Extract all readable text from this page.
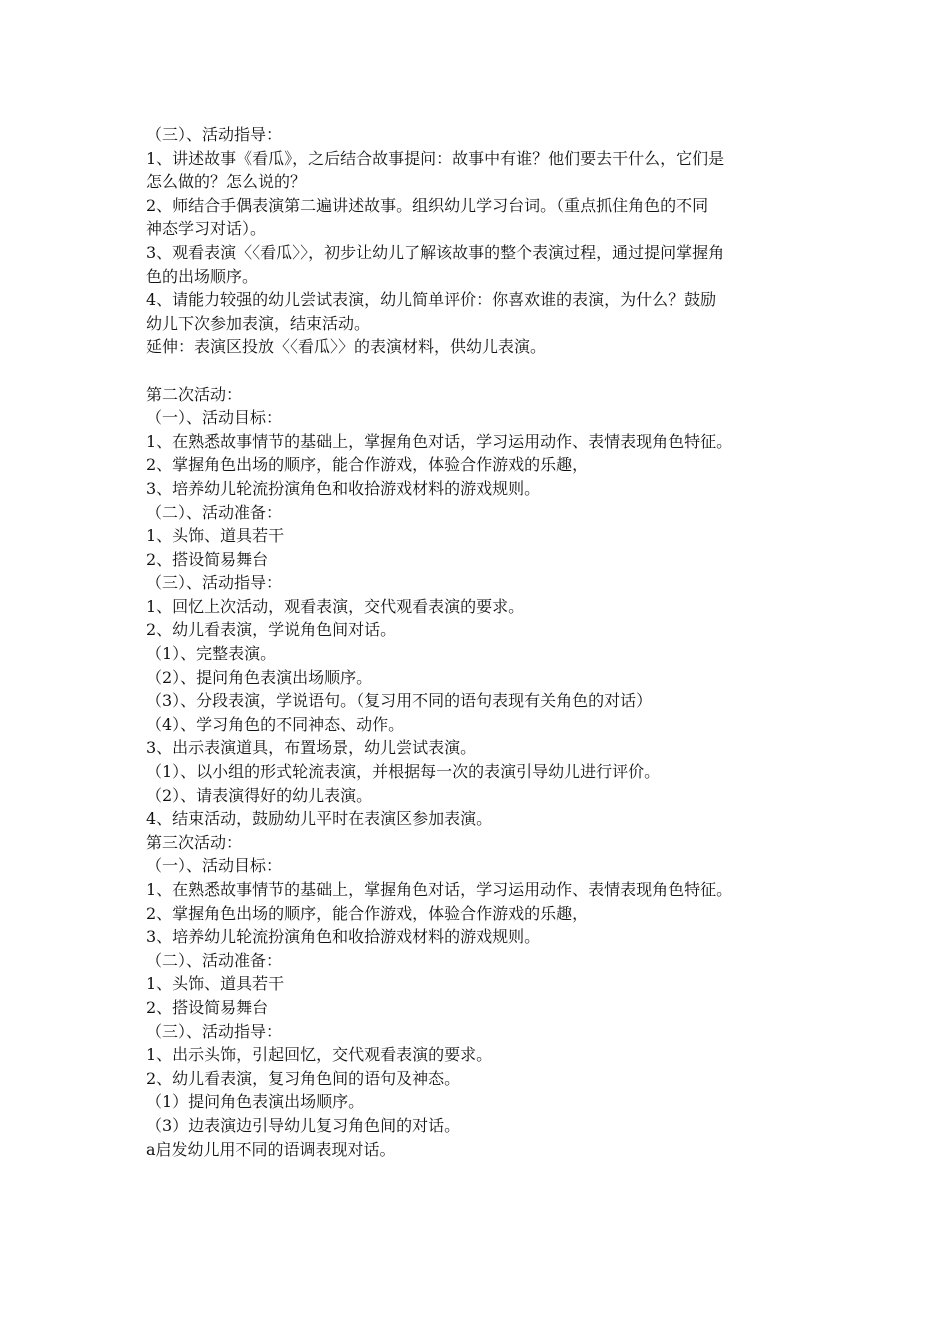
（三）、活动指导：
1、讲述故事《看瓜》，之后结合故事提问：故事中有谁？他们要去干什么，它们是
怎么做的？怎么说的？
2、师结合手偶表演第二遍讲述故事。组织幼儿学习台词。（重点抓住角色的不同
神态学习对话）。
3、观看表演〈〈看瓜〉〉，初步让幼儿了解该故事的整个表演过程，通过提问掌握角
色的出场顺序。
4、请能力较强的幼儿尝试表演，幼儿简单评价：你喜欢谁的表演，为什么？鼓励
幼儿下次参加表演，结束活动。
延伸：表演区投放〈〈看瓜〉〉的表演材料，供幼儿表演。
第二次活动：
（一）、活动目标：
1、在熟悉故事情节的基础上，掌握角色对话，学习运用动作、表情表现角色特征。
2、掌握角色出场的顺序，能合作游戏，体验合作游戏的乐趣，
3、培养幼儿轮流扮演角色和收拾游戏材料的游戏规则。
（二）、活动准备：
1、头饰、道具若干
2、搭设简易舞台
（三）、活动指导：
1、回忆上次活动，观看表演，交代观看表演的要求。
2、幼儿看表演，学说角色间对话。
（1）、完整表演。
（2）、提问角色表演出场顺序。
（3）、分段表演，学说语句。（复习用不同的语句表现有关角色的对话）
（4）、学习角色的不同神态、动作。
3、出示表演道具，布置场景，幼儿尝试表演。
（1）、以小组的形式轮流表演，并根据每一次的表演引导幼儿进行评价。
（2）、请表演得好的幼儿表演。
4、结束活动，鼓励幼儿平时在表演区参加表演。
第三次活动：
（一）、活动目标：
1、在熟悉故事情节的基础上，掌握角色对话，学习运用动作、表情表现角色特征。
2、掌握角色出场的顺序，能合作游戏，体验合作游戏的乐趣，
3、培养幼儿轮流扮演角色和收拾游戏材料的游戏规则。
（二）、活动准备：
1、头饰、道具若干
2、搭设简易舞台
（三）、活动指导：
1、出示头饰，引起回忆，交代观看表演的要求。
2、幼儿看表演，复习角色间的语句及神态。
（1）提问角色表演出场顺序。
（3）边表演边引导幼儿复习角色间的对话。
a启发幼儿用不同的语调表现对话。
